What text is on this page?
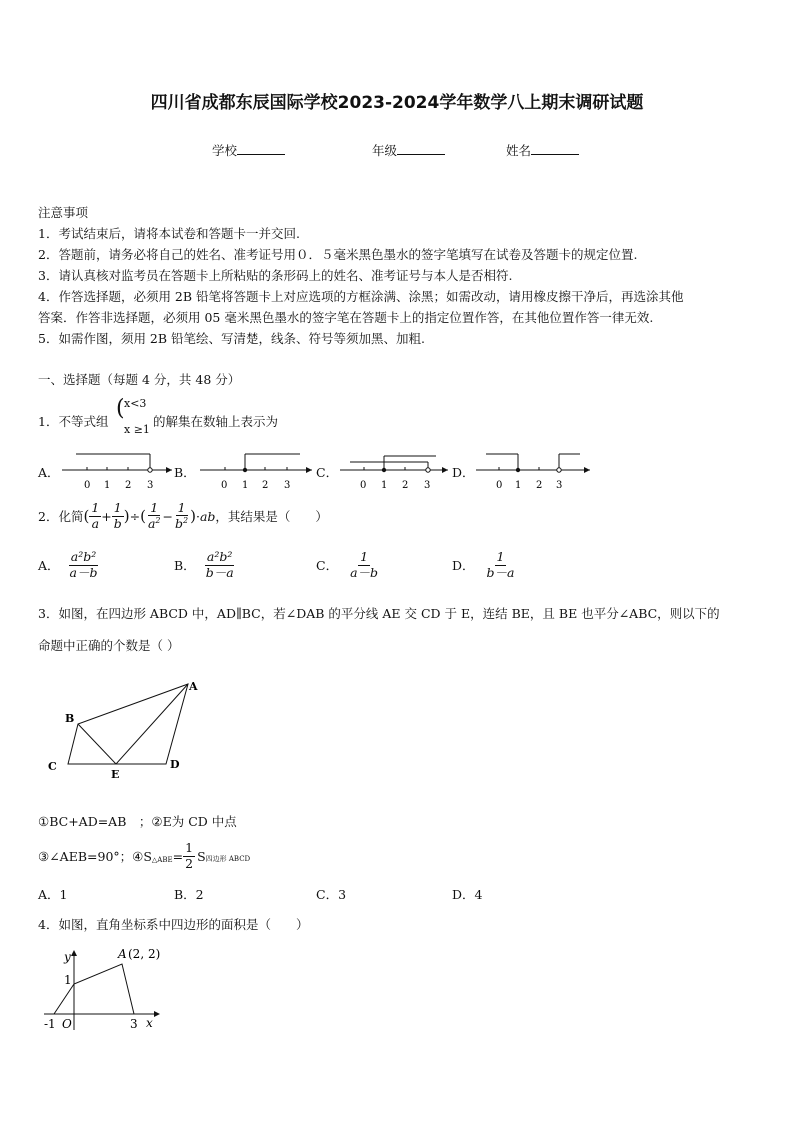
四川省成都东辰国际学校2023-2024学年数学八上期末调研试题
学校	年级	姓名
注意事项
1．考试结束后，请将本试卷和答题卡一并交回.
2．答题前，请务必将自己的姓名、准考证号用０．５毫米黑色墨水的签字笔填写在试卷及答题卡的规定位置.
3．请认真核对监考员在答题卡上所粘贴的条形码上的姓名、准考证号与本人是否相符.
4．作答选择题，必须用 2B 铅笔将答题卡上对应选项的方框涂满、涂黑；如需改动，请用橡皮擦干净后，再选涂其他
答案．作答非选择题，必须用 05 毫米黑色墨水的签字笔在答题卡上的指定位置作答，在其他位置作答一律无效.
5．如需作图，须用 2B 铅笔绘、写清楚，线条、符号等须加黑、加粗.
一、选择题（每题 4 分，共 48 分）
1．不等式组
( x<3
x ≥1
的解集在数轴上表示为
A．	B．	C．	D．
0 1 2 3	0 1 2 3	0 1 2 3	0 1 2 3
2．化简 ( $\frac{1}{a} + \frac{1}{b}$ ) ÷ ( $\frac{1}{a^2} - \frac{1}{b^2}$ ) · ab ，其结果是（　　）
A． $\frac{\text{a²b²}}{a-b}$	B． $\frac{\text{a²b²}}{b-a}$	C． $\frac{1}{a-b}$	D． $\frac{1}{b-a}$
3．如图，在四边形 ABCD 中，AD∥BC，若∠DAB 的平分线 AE 交 CD 于 E，连结 BE，且 BE 也平分∠ABC，则以下的
命题中正确的个数是（ ）
A
B
C	D
E
①BC+AD=AB　；②E为 CD 中点
③∠AEB=90°；④S △ABE = $\frac{1}{2}$ S 四边形 ABCD
A．1	B．2	C．3	D．4
4．如图，直角坐标系中四边形的面积是（　　）
y
1
A (2, 2)
-1 O	3 x
